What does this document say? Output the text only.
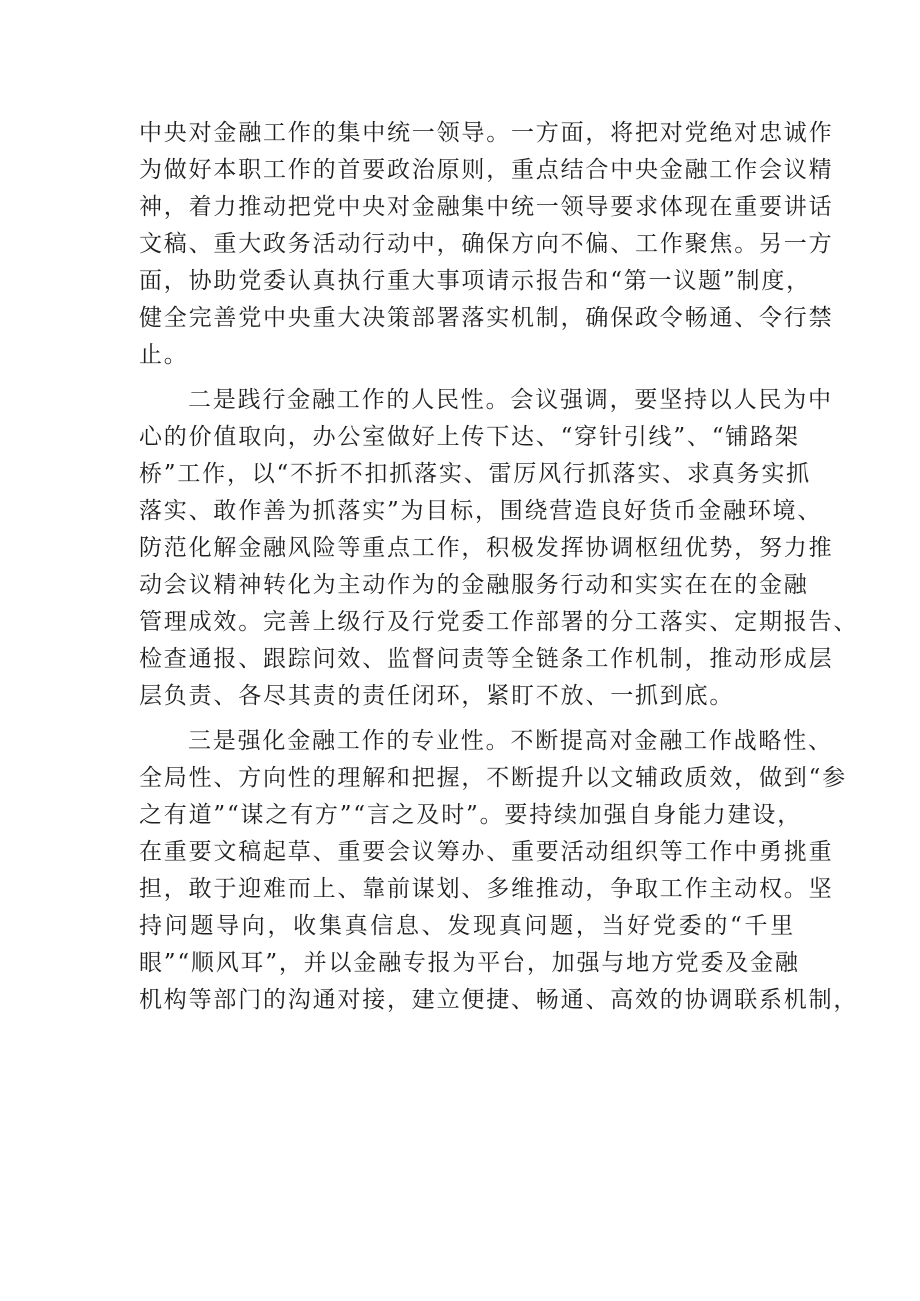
中央对金融工作的集中统一领导。一方面，将把对党绝对忠诚作
为做好本职工作的首要政治原则，重点结合中央金融工作会议精
神，着力推动把党中央对金融集中统一领导要求体现在重要讲话
文稿、重大政务活动行动中，确保方向不偏、工作聚焦。另一方
面，协助党委认真执行重大事项请示报告和“第一议题”制度，
健全完善党中央重大决策部署落实机制，确保政令畅通、令行禁
止。
二是践行金融工作的人民性。会议强调，要坚持以人民为中
心的价值取向，办公室做好上传下达、“穿针引线”、“铺路架
桥”工作，以“不折不扣抓落实、雷厉风行抓落实、求真务实抓
落实、敢作善为抓落实”为目标，围绕营造良好货币金融环境、
防范化解金融风险等重点工作，积极发挥协调枢纽优势，努力推
动会议精神转化为主动作为的金融服务行动和实实在在的金融
管理成效。完善上级行及行党委工作部署的分工落实、定期报告、
检查通报、跟踪问效、监督问责等全链条工作机制，推动形成层
层负责、各尽其责的责任闭环，紧盯不放、一抓到底。
三是强化金融工作的专业性。不断提高对金融工作战略性、
全局性、方向性的理解和把握，不断提升以文辅政质效，做到“参
之有道”“谋之有方”“言之及时”。要持续加强自身能力建设，
在重要文稿起草、重要会议筹办、重要活动组织等工作中勇挑重
担，敢于迎难而上、靠前谋划、多维推动，争取工作主动权。坚
持问题导向，收集真信息、发现真问题，当好党委的“千里
眼”“顺风耳”，并以金融专报为平台，加强与地方党委及金融
机构等部门的沟通对接，建立便捷、畅通、高效的协调联系机制，
